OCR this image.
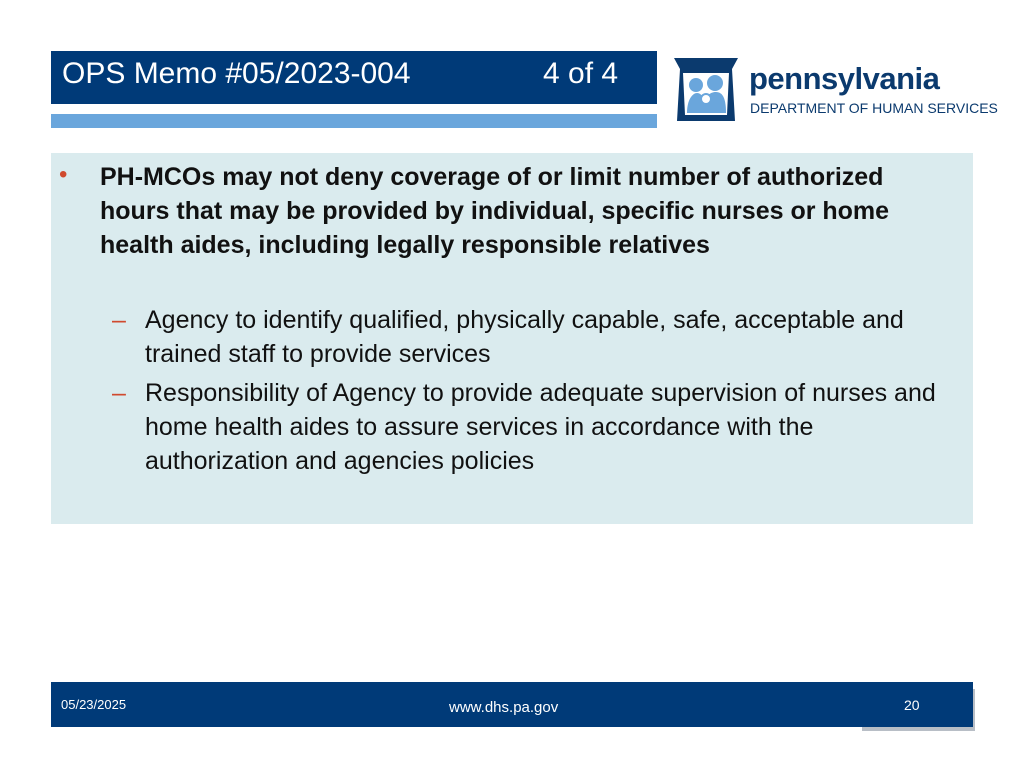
OPS Memo #05/2023-004	4 of 4	pennsylvania
DEPARTMENT OF HUMAN SERVICES
• PH-MCOs may not deny coverage of or limit number of authorized hours that may be provided by individual, specific nurses or home health aides, including legally responsible relatives
– Agency to identify qualified, physically capable, safe, acceptable and trained staff to provide services
– Responsibility of Agency to provide adequate supervision of nurses and home health aides to assure services in accordance with the authorization and agencies policies
05/23/2025	www.dhs.pa.gov	20
